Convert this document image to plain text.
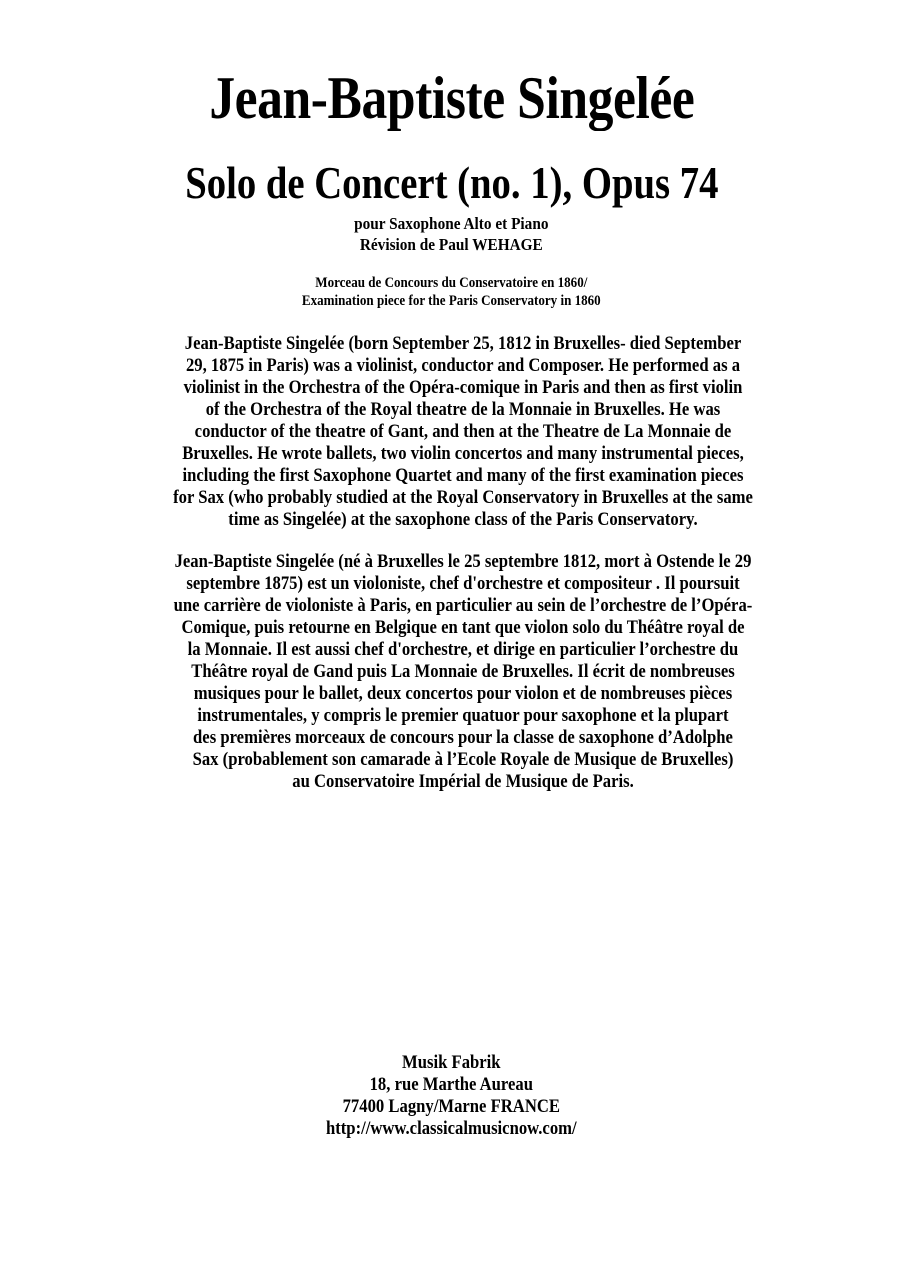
Jean-Baptiste Singelée
Solo de Concert (no. 1), Opus 74
pour Saxophone Alto et Piano
Révision de Paul WEHAGE
Morceau de Concours du Conservatoire en 1860/
Examination piece for the Paris Conservatory in 1860
Jean-Baptiste Singelée (born September 25, 1812 in Bruxelles- died September
29, 1875 in Paris) was a violinist, conductor and Composer. He performed as a
violinist in the Orchestra of the Opéra-comique in Paris and then as first violin
of the Orchestra of the Royal theatre de la Monnaie in Bruxelles. He was
conductor of the theatre of Gant, and then at the Theatre de La Monnaie de
Bruxelles. He wrote ballets, two violin concertos and many instrumental pieces,
including the first Saxophone Quartet and many of the first examination pieces
for Sax (who probably studied at the Royal Conservatory in Bruxelles at the same
time as Singelée) at the saxophone class of the Paris Conservatory.
Jean-Baptiste Singelée (né à Bruxelles le 25 septembre 1812, mort à Ostende le 29
septembre 1875) est un violoniste, chef d'orchestre et compositeur . Il poursuit
une carrière de violoniste à Paris, en particulier au sein de l’orchestre de l’Opéra-
Comique, puis retourne en Belgique en tant que violon solo du Théâtre royal de
la Monnaie. Il est aussi chef d'orchestre, et dirige en particulier l’orchestre du
Théâtre royal de Gand puis La Monnaie de Bruxelles. Il écrit de nombreuses
musiques pour le ballet, deux concertos pour violon et de nombreuses pièces
instrumentales, y compris le premier quatuor pour saxophone et la plupart
des premières morceaux de concours pour la classe de saxophone d’Adolphe
Sax (probablement son camarade à l’Ecole Royale de Musique de Bruxelles)
au Conservatoire Impérial de Musique de Paris.
Musik Fabrik
18, rue Marthe Aureau
77400 Lagny/Marne FRANCE
http://www.classicalmusicnow.com/
